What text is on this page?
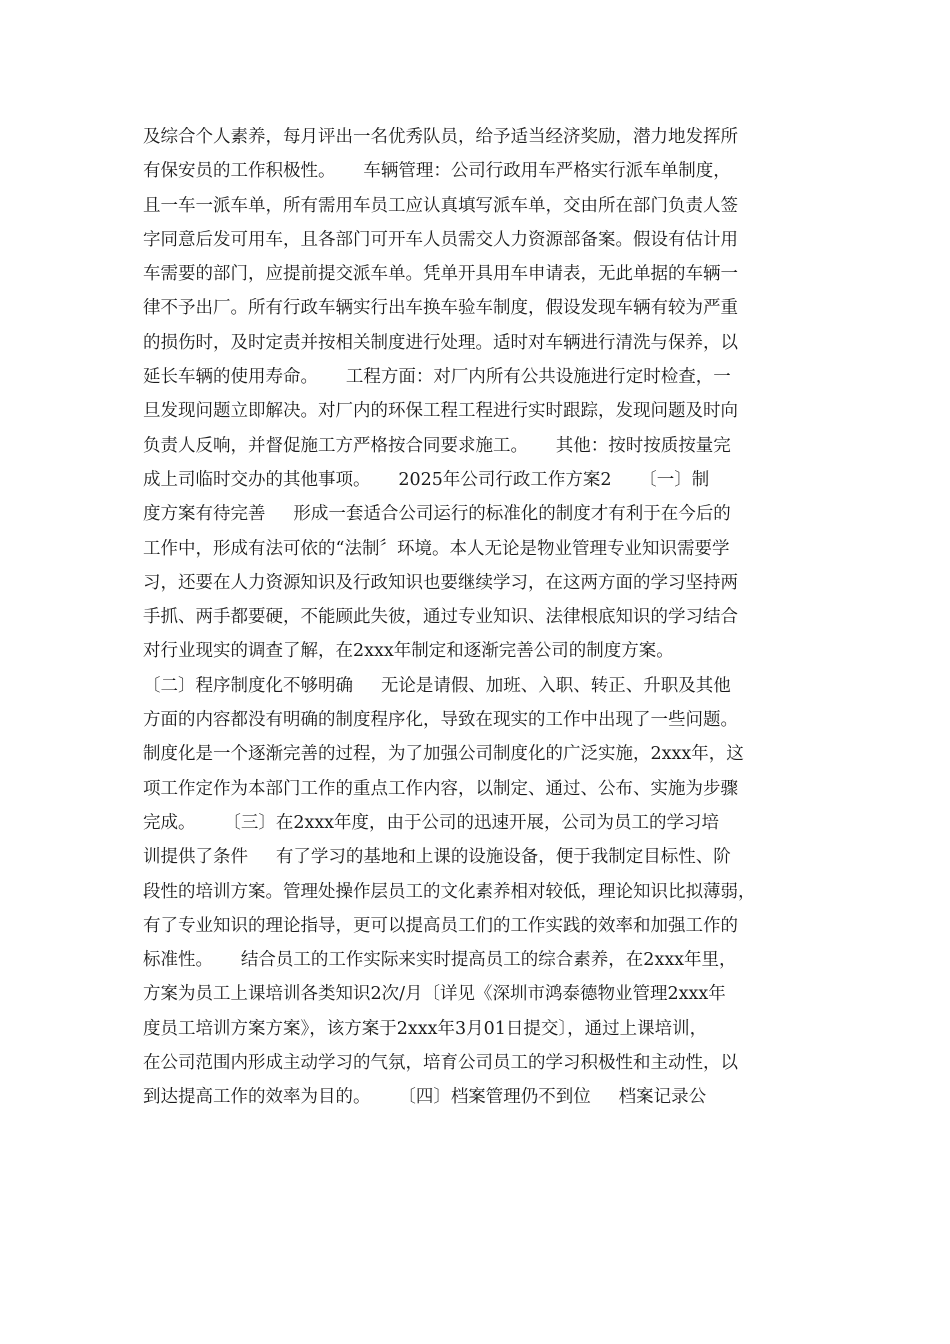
及综合个人素养，每月评出一名优秀队员，给予适当经济奖励，潜力地发挥所
有保安员的工作积极性。     车辆管理：公司行政用车严格实行派车单制度，
且一车一派车单，所有需用车员工应认真填写派车单，交由所在部门负责人签
字同意后发可用车，且各部门可开车人员需交人力资源部备案。假设有估计用
车需要的部门，应提前提交派车单。凭单开具用车申请表，无此单据的车辆一
律不予出厂。所有行政车辆实行出车换车验车制度，假设发现车辆有较为严重
的损伤时，及时定责并按相关制度进行处理。适时对车辆进行清洗与保养，以
延长车辆的使用寿命。     工程方面：对厂内所有公共设施进行定时检查，一
旦发现问题立即解决。对厂内的环保工程工程进行实时跟踪，发现问题及时向
负责人反响，并督促施工方严格按合同要求施工。     其他：按时按质按量完
成上司临时交办的其他事项。     2025年公司行政工作方案2     〔一〕制
度方案有待完善     形成一套适合公司运行的标准化的制度才有利于在今后的
工作中，形成有法可依的“法制〞环境。本人无论是物业管理专业知识需要学
习，还要在人力资源知识及行政知识也要继续学习，在这两方面的学习坚持两
手抓、两手都要硬，不能顾此失彼，通过专业知识、法律根底知识的学习结合
对行业现实的调查了解，在2xxx年制定和逐渐完善公司的制度方案。
〔二〕程序制度化不够明确     无论是请假、加班、入职、转正、升职及其他
方面的内容都没有明确的制度程序化，导致在现实的工作中出现了一些问题。
制度化是一个逐渐完善的过程，为了加强公司制度化的广泛实施，2xxx年，这
项工作定作为本部门工作的重点工作内容，以制定、通过、公布、实施为步骤
完成。     〔三〕在2xxx年度，由于公司的迅速开展，公司为员工的学习培
训提供了条件     有了学习的基地和上课的设施设备，便于我制定目标性、阶
段性的培训方案。管理处操作层员工的文化素养相对较低，理论知识比拟薄弱，
有了专业知识的理论指导，更可以提高员工们的工作实践的效率和加强工作的
标准性。     结合员工的工作实际来实时提高员工的综合素养，在2xxx年里，
方案为员工上课培训各类知识2次/月〔详见《深圳市鸿泰德物业管理2xxx年
度员工培训方案方案》，该方案于2xxx年3月01日提交〕，通过上课培训，
在公司范围内形成主动学习的气氛，培育公司员工的学习积极性和主动性，以
到达提高工作的效率为目的。     〔四〕档案管理仍不到位     档案记录公
